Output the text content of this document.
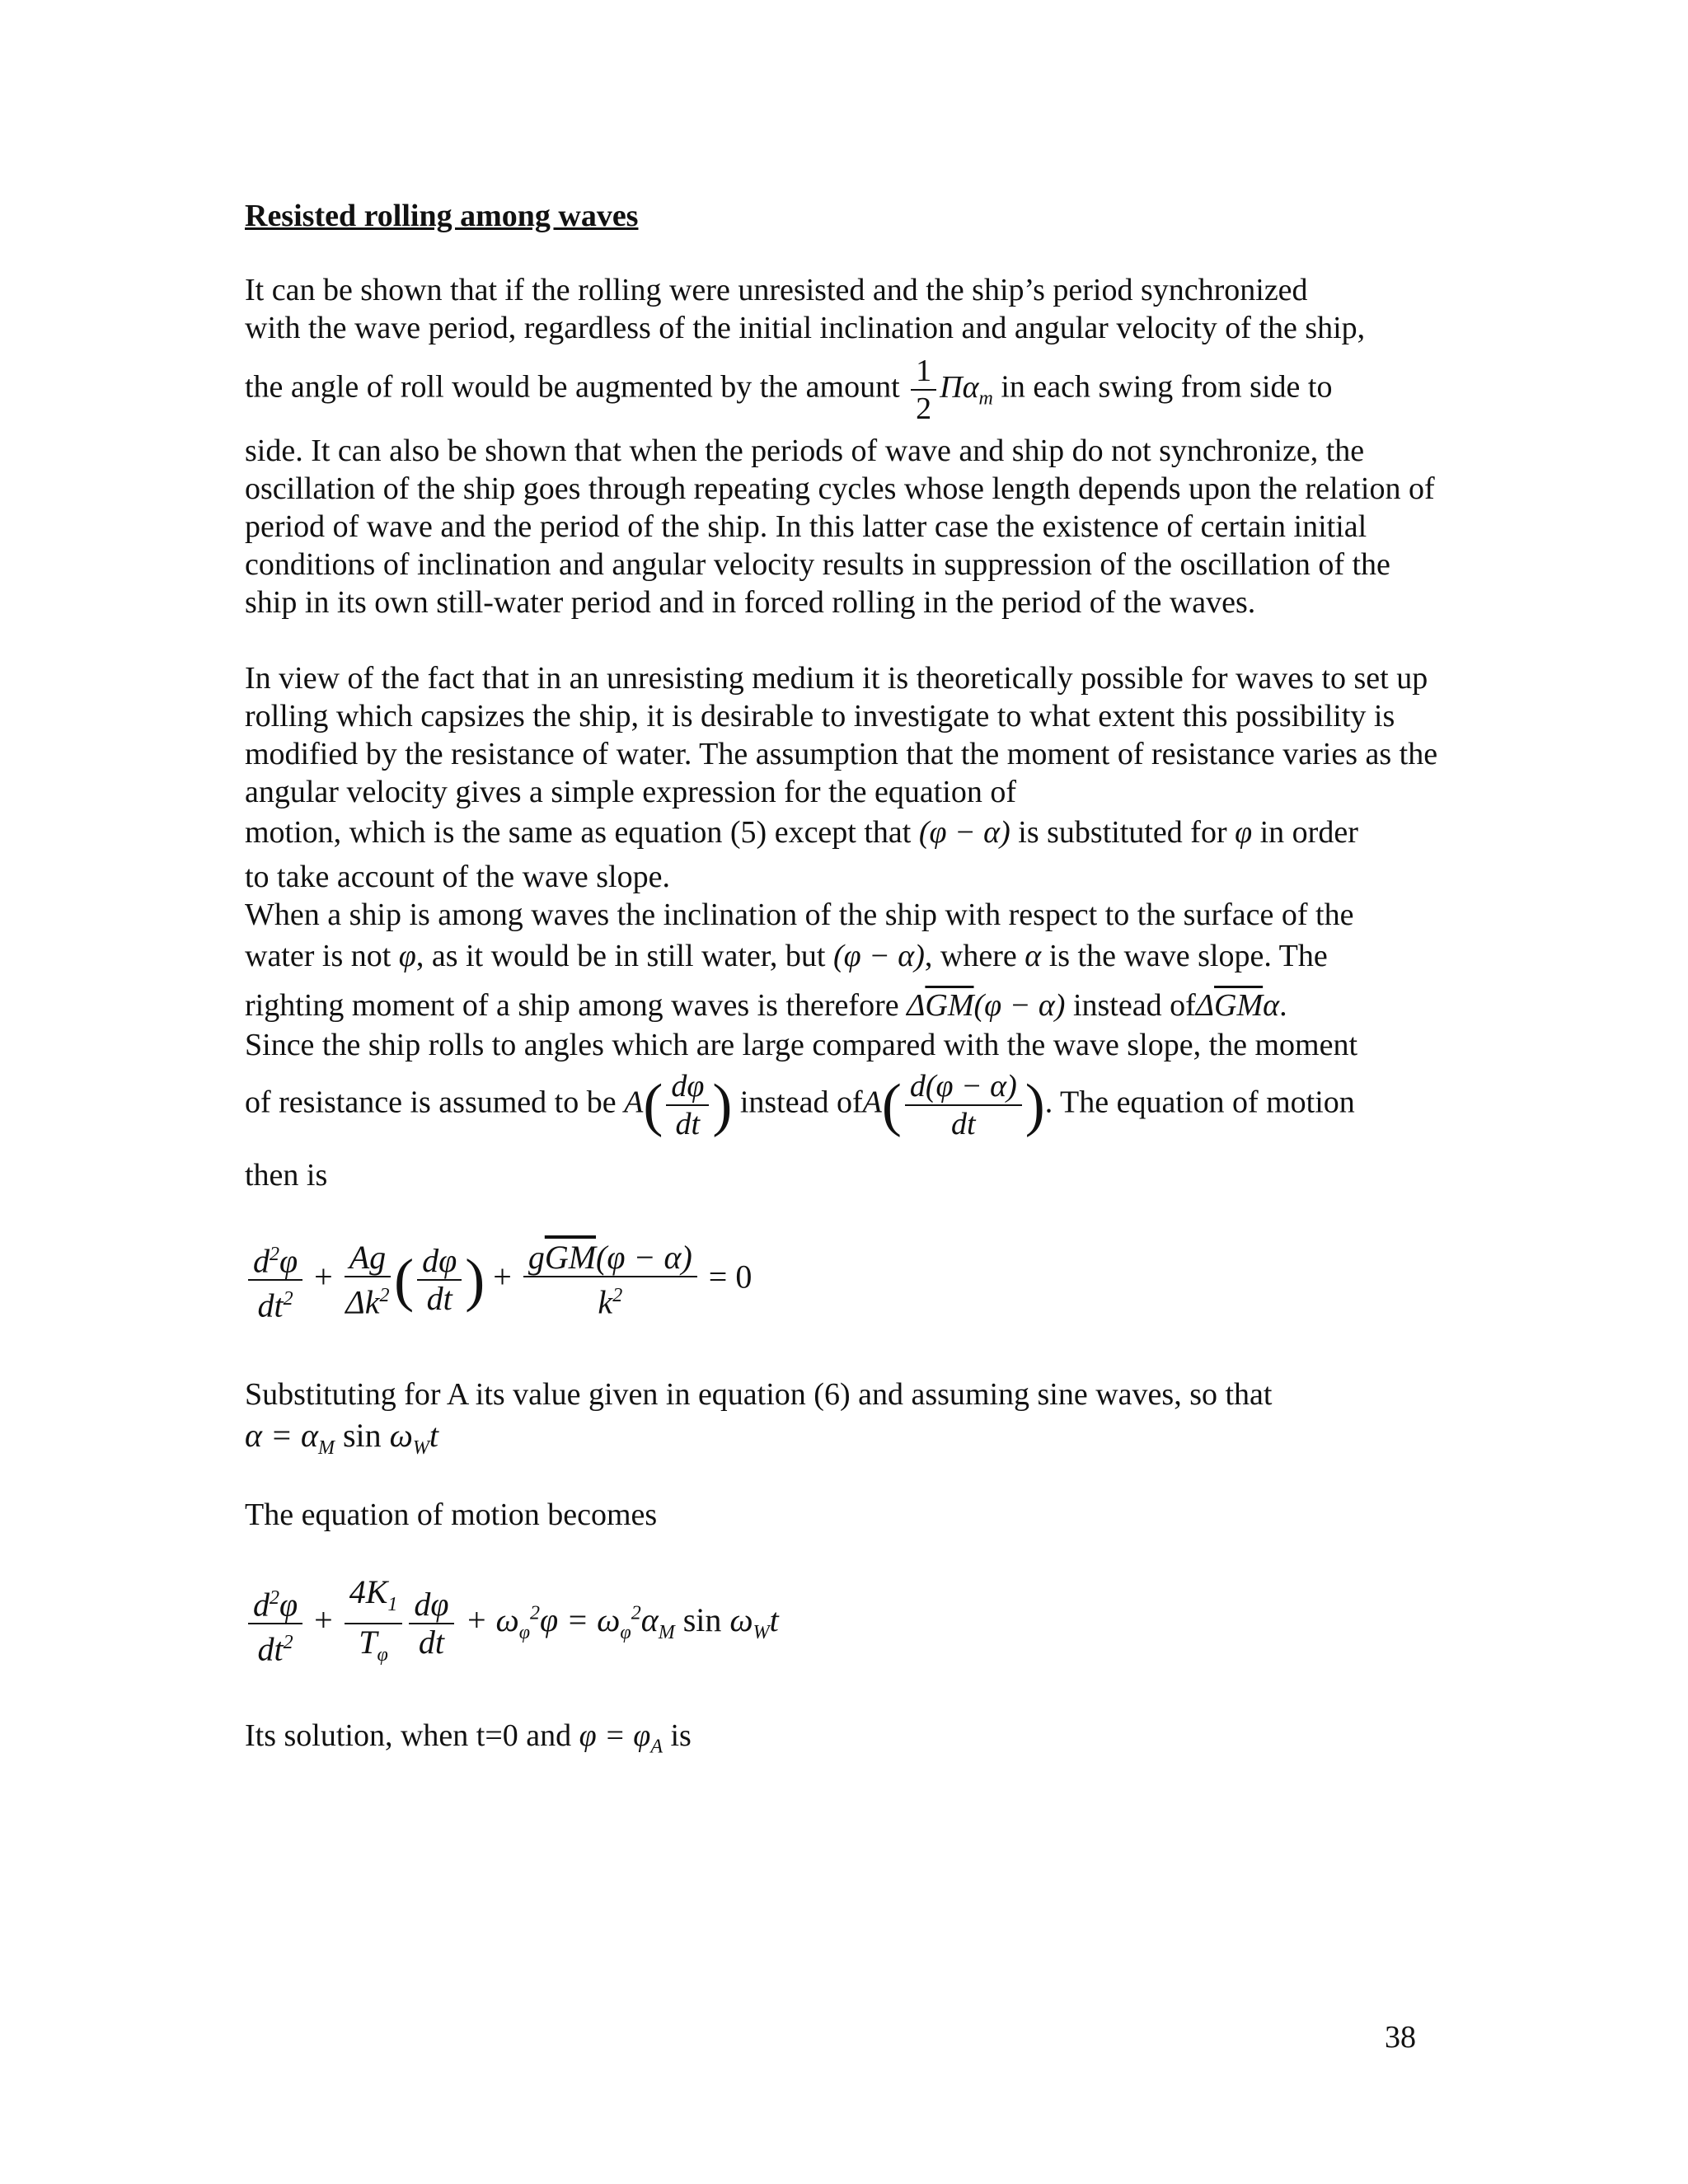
Resisted rolling among waves
It can be shown that if the rolling were unresisted and the ship’s period synchronized
with the wave period, regardless of the initial inclination and angular velocity of the ship,
the angle of roll would be augmented by the amount $\frac{1}{2} \Pi\alpha_m$ in each swing from side to
side. It can also be shown that when the periods of wave and ship do not synchronize, the oscillation of the ship goes through repeating cycles whose length depends upon the relation of period of wave and the period of the ship. In this latter case the existence of certain initial conditions of inclination and angular velocity results in suppression of the oscillation of the ship in its own still-water period and in forced rolling in the period of the waves.
In view of the fact that in an unresisting medium it is theoretically possible for waves to set up rolling which capsizes the ship, it is desirable to investigate to what extent this possibility is modified by the resistance of water. The assumption that the moment of resistance varies as the angular velocity gives a simple expression for the equation of
motion, which is the same as equation (5) except that (φ − α) is substituted for φ in order
to take account of the wave slope.
When a ship is among waves the inclination of the ship with respect to the surface of the
water is not φ, as it would be in still water, but (φ − α), where α is the wave slope. The
righting moment of a ship among waves is therefore $\Delta\overline{GM}(\varphi - \alpha)$ instead $of\Delta\overline{GM}\alpha$.
Since the ship rolls to angles which are large compared with the wave slope, the moment
of resistance is assumed to be $A( \frac{d\varphi}{dt}$ ) instead $ofA( \frac{d(\varphi - \alpha)}{dt}$ ). The equation of motion
then is
$\frac{d^2\varphi}{dt^2} + \frac{Ag}{\Delta k^2}$ ( $\frac{d\varphi}{dt}$ ) + $\frac{g\overline{GM}(\varphi - \alpha)}{k^2} = 0$
Substituting for A its value given in equation (6) and assuming sine waves, so that
$\alpha = \alpha_M$ $\sin \omega_Wt$
The equation of motion becomes
$\frac{d^2\varphi}{dt^2} + \frac{4K_1}{T_\varphi} \frac{d\varphi}{dt} + \omega_\varphi^2\varphi = \omega_\varphi^2\alpha_M$ $\sin \omega_Wt$
Its solution, when t=0 and $\varphi = \varphi_A$ is
38
